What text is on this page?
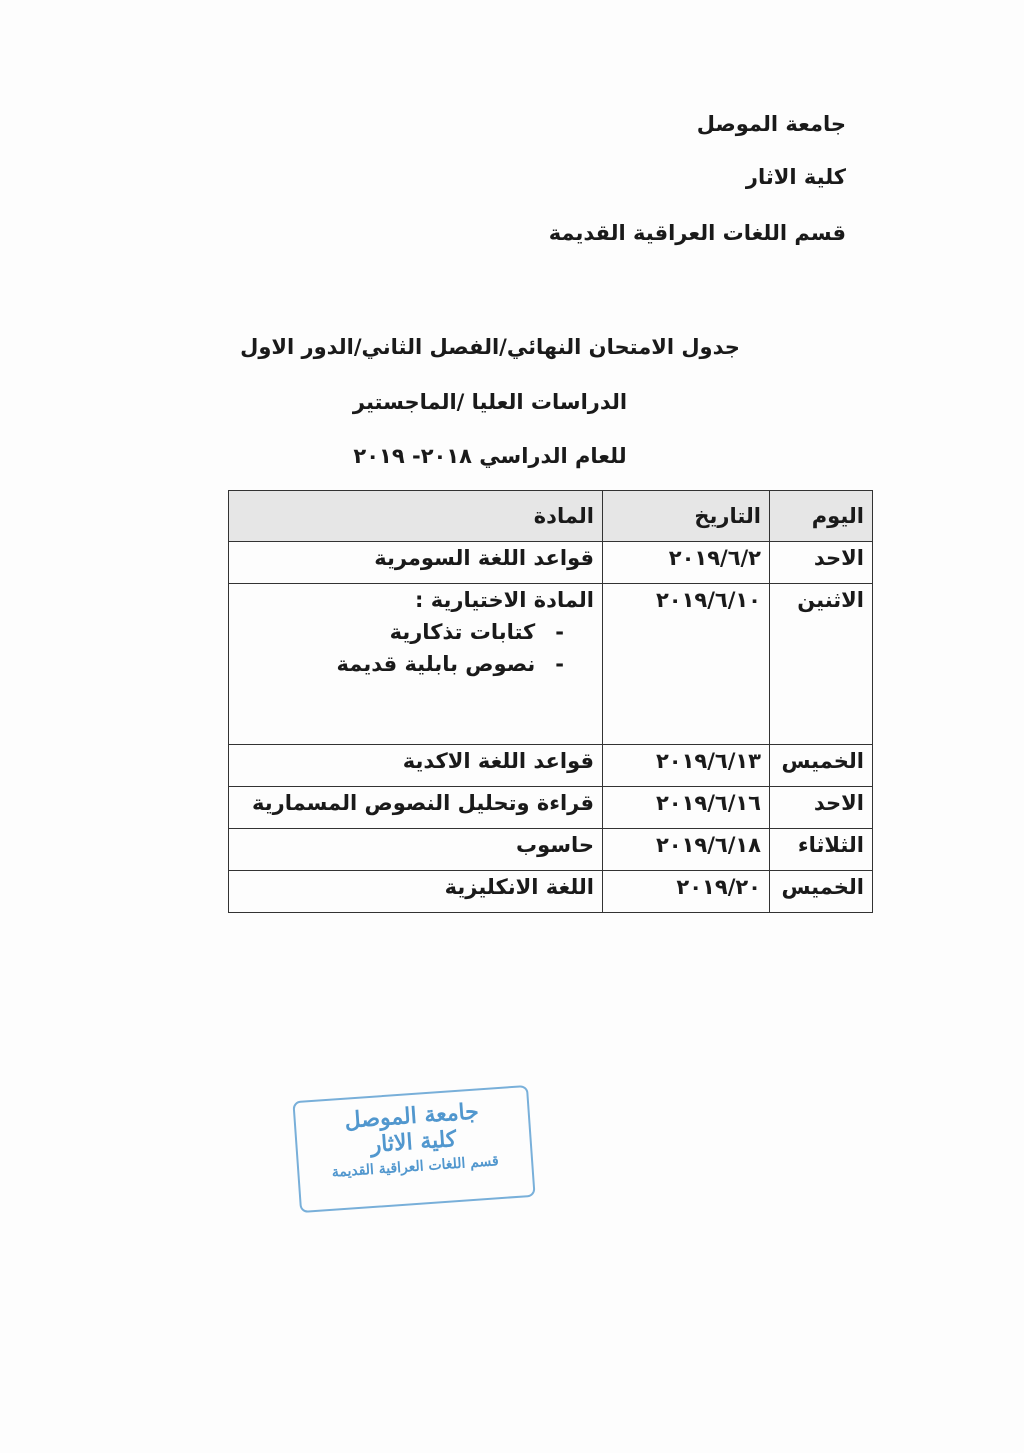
جامعة الموصل
كلية الاثار
قسم اللغات العراقية القديمة
جدول الامتحان النهائي/الفصل الثاني/الدور الاول
الدراسات العليا /الماجستير
للعام الدراسي ٢٠١٨- ٢٠١٩
اليوم	التاريخ	المادة
الاحد	٢٠١٩/٦/٢	قواعد اللغة السومرية
الاثنين	٢٠١٩/٦/١٠	المادة الاختيارية :
-كتابات تذكارية
-نصوص بابلية قديمة

الخميس	٢٠١٩/٦/١٣	قواعد اللغة الاكدية
الاحد	٢٠١٩/٦/١٦	قراءة وتحليل النصوص المسمارية
الثلاثاء	٢٠١٩/٦/١٨	حاسوب
الخميس	٢٠١٩/٢٠	اللغة الانكليزية
جامعة الموصل
كلية الاثار
قسم اللغات العراقية القديمة
